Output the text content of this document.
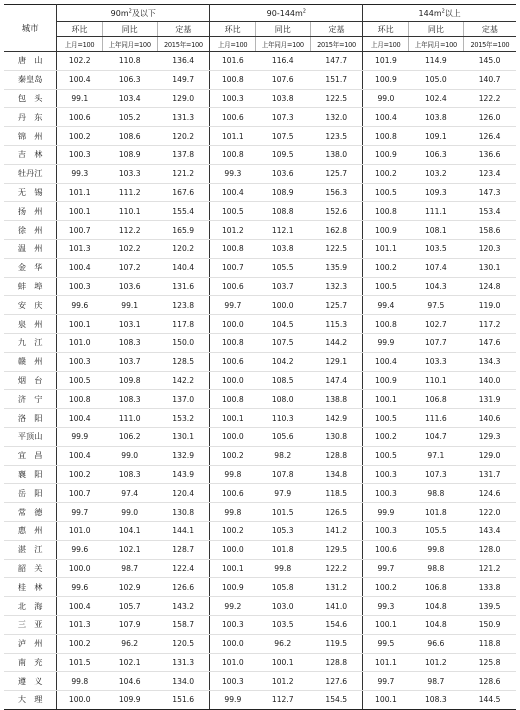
城市	$90m^2$及以下			$90-144m^2$			$144m^2$以上		
	环比	同比	定基	环比	同比	定基	环比	同比	定基
	上月=100	上年同月=100	2015年=100	上月=100	上年同月=100	2015年=100	上月=100	上年同月=100	2015年=100
唐　山	102.2	110.8	136.4	101.6	116.4	147.7	101.9	114.9	145.0
秦皇岛	100.4	106.3	149.7	100.8	107.6	151.7	100.9	105.0	140.7
包　头	99.1	103.4	129.0	100.3	103.8	122.5	99.0	102.4	122.2
丹　东	100.6	105.2	131.3	100.6	107.3	132.0	100.4	103.8	126.0
锦　州	100.2	108.6	120.2	101.1	107.5	123.5	100.8	109.1	126.4
吉　林	100.3	108.9	137.8	100.8	109.5	138.0	100.9	106.3	136.6
牡丹江	99.3	103.3	121.2	99.3	103.6	125.7	100.2	103.2	123.4
无　锡	101.1	111.2	167.6	100.4	108.9	156.3	100.5	109.3	147.3
扬　州	100.1	110.1	155.4	100.5	108.8	152.6	100.8	111.1	153.4
徐　州	100.7	112.2	165.9	101.2	112.1	162.8	100.9	108.1	158.6
温　州	101.3	102.2	120.2	100.8	103.8	122.5	101.1	103.5	120.3
金　华	100.4	107.2	140.4	100.7	105.5	135.9	100.2	107.4	130.1
蚌　埠	100.3	103.6	131.6	100.6	103.7	132.3	100.5	104.3	124.8
安　庆	99.6	99.1	123.8	99.7	100.0	125.7	99.4	97.5	119.0
泉　州	100.1	103.1	117.8	100.0	104.5	115.3	100.8	102.7	117.2
九　江	101.0	108.3	150.0	100.8	107.5	144.2	99.9	107.7	147.6
赣　州	100.3	103.7	128.5	100.6	104.2	129.1	100.4	103.3	134.3
烟　台	100.5	109.8	142.2	100.0	108.5	147.4	100.9	110.1	140.0
济　宁	100.8	108.3	137.0	100.8	108.0	138.8	100.1	106.8	131.9
洛　阳	100.4	111.0	153.2	100.1	110.3	142.9	100.5	111.6	140.6
平顶山	99.9	106.2	130.1	100.0	105.6	130.8	100.2	104.7	129.3
宜　昌	100.4	99.0	132.9	100.2	98.2	128.8	100.5	97.1	129.0
襄　阳	100.2	108.3	143.9	99.8	107.8	134.8	100.3	107.3	131.7
岳　阳	100.7	97.4	120.4	100.6	97.9	118.5	100.3	98.8	124.6
常　德	99.7	99.0	130.8	99.8	101.5	126.5	99.9	101.8	122.0
惠　州	101.0	104.1	144.1	100.2	105.3	141.2	100.3	105.5	143.4
湛　江	99.6	102.1	128.7	100.0	101.8	129.5	100.6	99.8	128.0
韶　关	100.0	98.7	122.4	100.1	99.8	122.2	99.7	98.8	121.2
桂　林	99.6	102.9	126.6	100.9	105.8	131.2	100.2	106.8	133.8
北　海	100.4	105.7	143.2	99.2	103.0	141.0	99.3	104.8	139.5
三　亚	101.3	107.9	158.7	100.3	103.5	154.6	100.1	104.8	150.9
泸　州	100.2	96.2	120.5	100.0	96.2	119.5	99.5	96.6	118.8
南　充	101.5	102.1	131.3	101.0	100.1	128.8	101.1	101.2	125.8
遵　义	99.8	104.6	134.0	100.3	101.2	127.6	99.7	98.7	128.6
大　理	100.0	109.9	151.6	99.9	112.7	154.5	100.1	108.3	144.5
